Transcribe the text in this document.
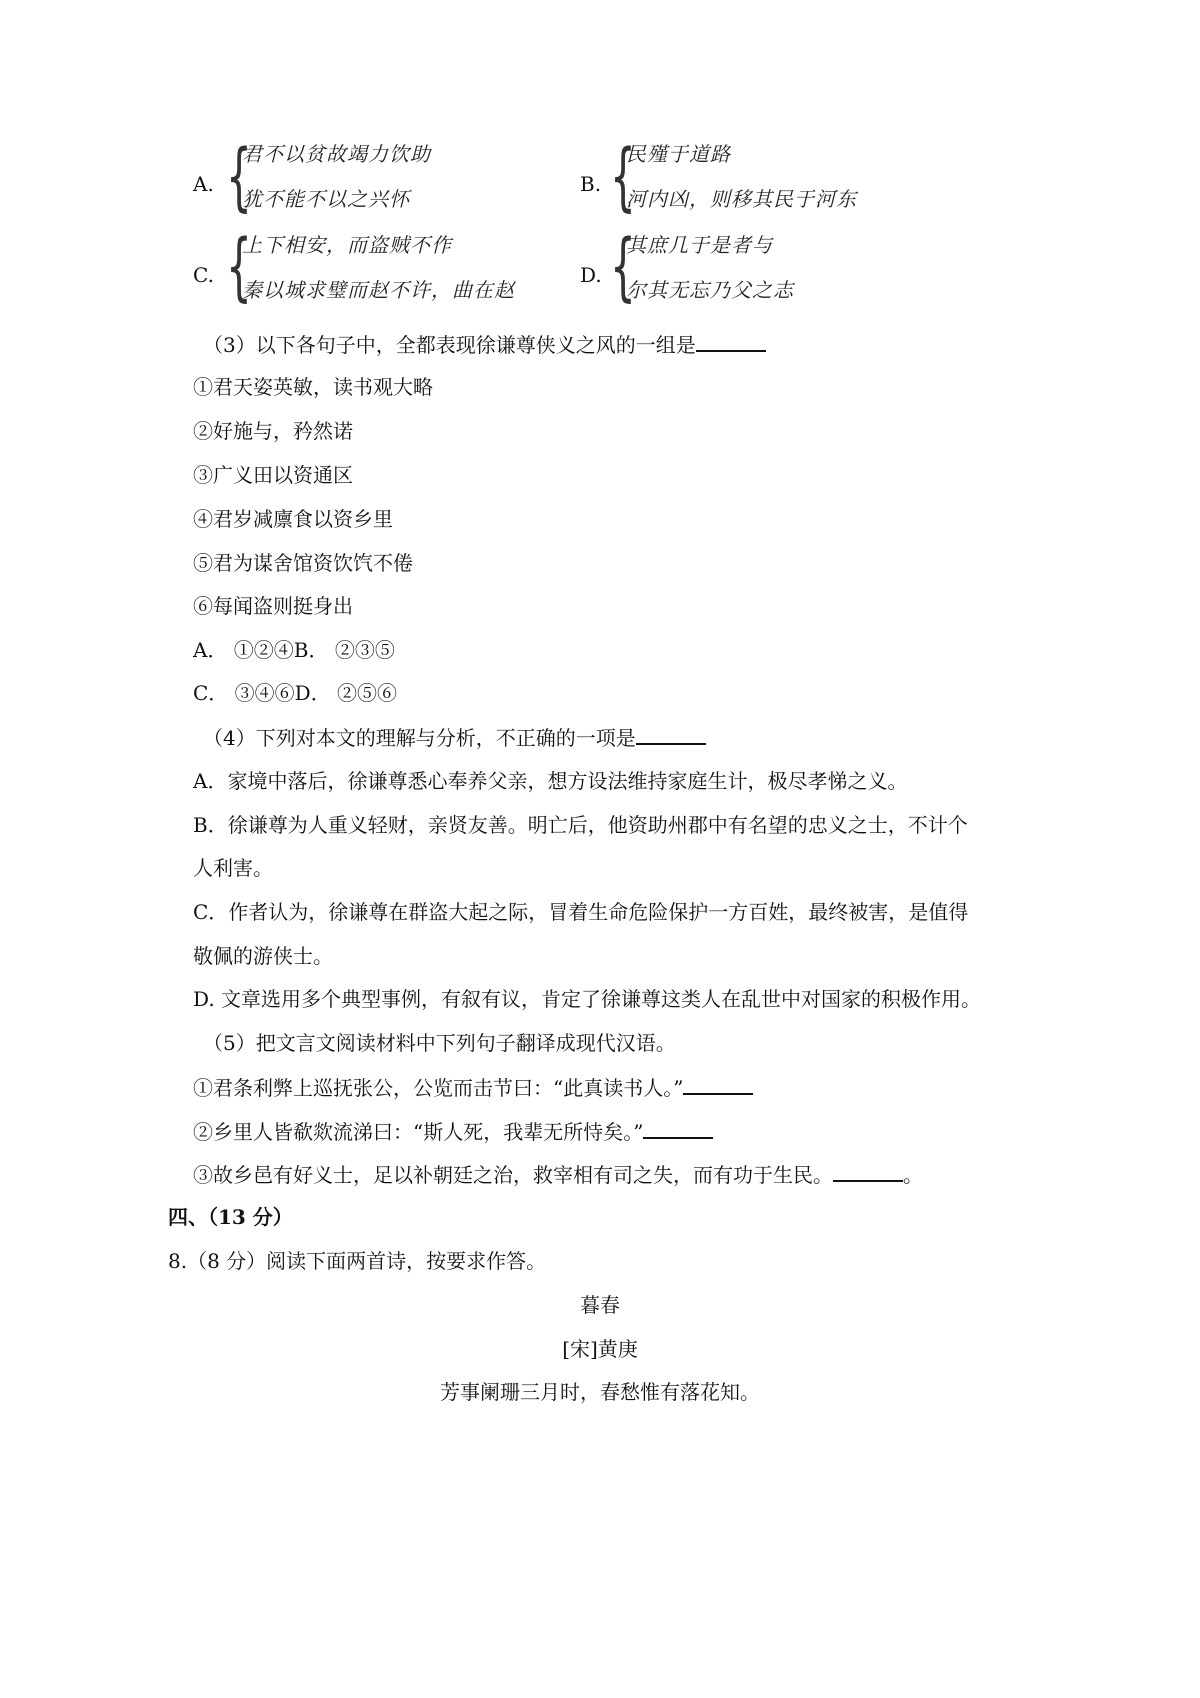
A. {
君不以贫故竭力饮助
犹不能不以之兴怀
B. {
民殣于道路
河内凶，则移其民于河东
C. {
上下相安，而盗贼不作
秦以城求璧而赵不许，曲在赵
D. {
其庶几于是者与
尔其无忘乃父之志
（3）以下各句子中，全都表现徐谦尊侠义之风的一组是
①君天姿英敏，读书观大略
②好施与，矜然诺
③广义田以资通区
④君岁减廪食以资乡里
⑤君为谋舍馆资饮饩不倦
⑥每闻盗则挺身出
A． ①②④B． ②③⑤
C． ③④⑥D． ②⑤⑥
（4）下列对本文的理解与分析，不正确的一项是
A．家境中落后，徐谦尊悉心奉养父亲，想方设法维持家庭生计，极尽孝悌之义。
B．徐谦尊为人重义轻财，亲贤友善。明亡后，他资助州郡中有名望的忠义之士，不计个
人利害。
C．作者认为，徐谦尊在群盗大起之际，冒着生命危险保护一方百姓，最终被害，是值得
敬佩的游侠士。
D. 文章选用多个典型事例，有叙有议，肯定了徐谦尊这类人在乱世中对国家的积极作用。
（5）把文言文阅读材料中下列句子翻译成现代汉语。
①君条利弊上巡抚张公，公览而击节曰：“此真读书人。”
②乡里人皆欷欻流涕曰：“斯人死，我辈无所恃矣。”
③故乡邑有好义士，足以补朝廷之治，救宰相有司之失，而有功于生民。	。
四、（13 分）
8.（8 分）阅读下面两首诗，按要求作答。
暮春
[宋]黄庚
芳事阑珊三月时，春愁惟有落花知。
